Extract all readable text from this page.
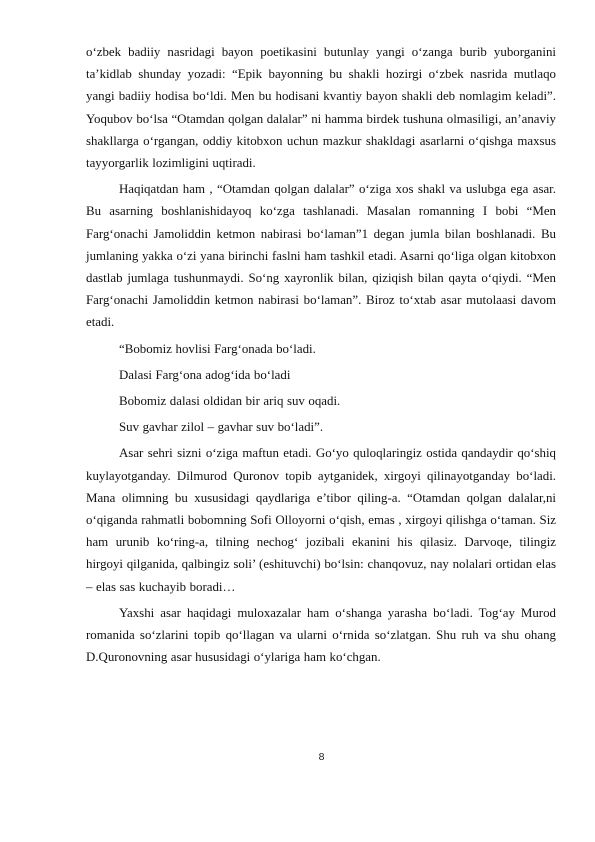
o‘zbek badiiy nasridagi bayon poetikasini butunlay yangi o‘zanga burib yuborganini ta’kidlab shunday yozadi: “Epik bayonning bu shakli hozirgi o‘zbek nasrida mutlaqo yangi badiiy hodisa bo‘ldi. Men bu hodisani kvantiy bayon shakli deb nomlagim keladi”. Yoqubov bo‘lsa “Otamdan qolgan dalalar” ni hamma birdek tushuna olmasiligi, an’anaviy shakllarga o‘rgangan, oddiy kitobxon uchun mazkur shakldagi asarlarni o‘qishga maxsus tayyorgarlik lozimligini uqtiradi.

Haqiqatdan ham , “Otamdan qolgan dalalar” o‘ziga xos shakl va uslubga ega asar. Bu asarning boshlanishidayoq ko‘zga tashlanadi. Masalan romanning I bobi “Men Farg‘onachi Jamoliddin ketmon nabirasi bo‘laman”1 degan jumla bilan boshlanadi. Bu jumlaning yakka o‘zi yana birinchi faslni ham tashkil etadi. Asarni qo‘liga olgan kitobxon dastlab jumlaga tushunmaydi. So‘ng xayronlik bilan, qiziqish bilan qayta o‘qiydi. “Men Farg‘onachi Jamoliddin ketmon nabirasi bo‘laman”. Biroz to‘xtab asar mutolaasi davom etadi.

“Bobomiz hovlisi Farg‘onada bo‘ladi.

Dalasi Farg‘ona adog‘ida bo‘ladi

Bobomiz dalasi oldidan bir ariq suv oqadi.

Suv gavhar zilol – gavhar suv bo‘ladi”.

Asar sehri sizni o‘ziga maftun etadi. Go‘yo quloqlaringiz ostida qandaydir qo‘shiq kuylayotganday. Dilmurod Quronov topib aytganidek, xirgoyi qilinayotganday bo‘ladi. Mana olimning bu xususidagi qaydlariga e’tibor qiling-a. “Otamdan qolgan dalalar,ni o‘qiganda rahmatli bobomning Sofi Olloyorni o‘qish, emas , xirgoyi qilishga o‘taman. Siz ham urunib ko‘ring-a, tilning nechog‘ jozibali ekanini his qilasiz. Darvoqe, tilingiz hirgoyi qilganida, qalbingiz soli’ (eshituvchi) bo‘lsin: chanqovuz, nay nolalari ortidan elas – elas sas kuchayib boradi…

Yaxshi asar haqidagi muloxazalar ham o‘shanga yarasha bo‘ladi. Tog‘ay Murod romanida so‘zlarini topib qo‘llagan va ularni o‘rnida so‘zlatgan. Shu ruh va shu ohang D.Quronovning asar hususidagi o‘ylariga ham ko‘chgan.

8
